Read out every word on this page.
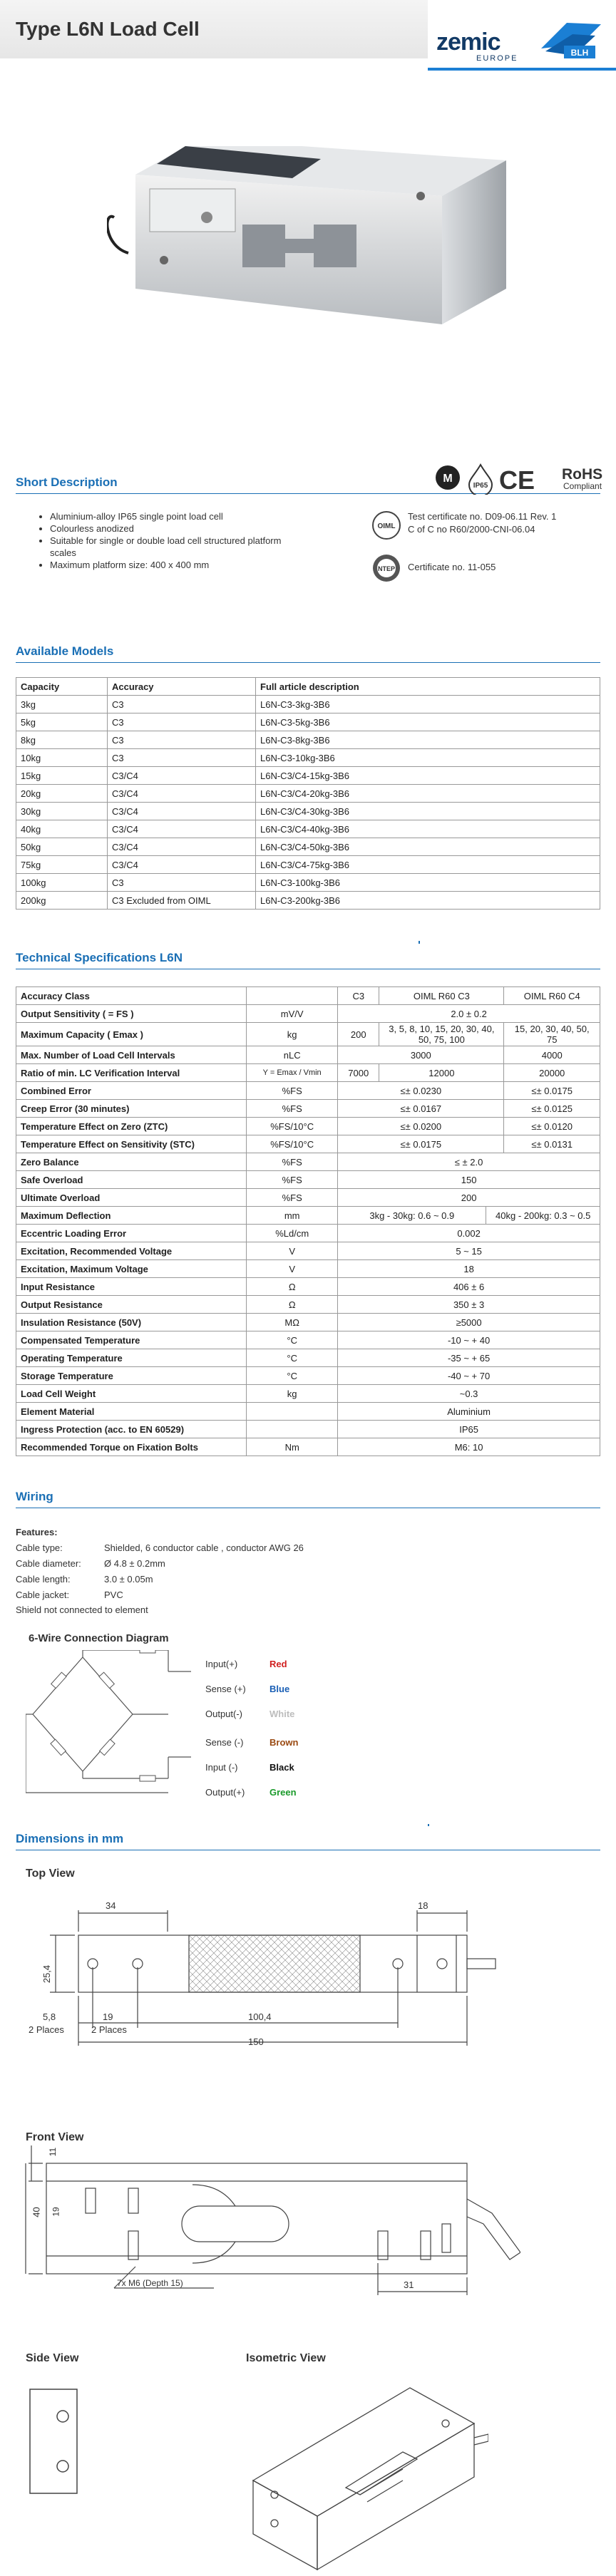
Type L6N Load Cell	zemic
EUROPE
BLH
Short Description	M
IP65 CE RoHS
Compliant
• Aluminium-alloy IP65 single point load cell
• Colourless anodized
• Suitable for single or double load cell structured platform scales
• Maximum platform size: 400 x 400 mm
OIML
Test certificate no. D09-06.11 Rev. 1
C of C no R60/2000-CNI-06.04
NTEP Certificate no. 11-055
Available Models
Capacity	Accuracy	Full article description
3kg	C3	L6N-C3-3kg-3B6
5kg	C3	L6N-C3-5kg-3B6
8kg	C3	L6N-C3-8kg-3B6
10kg	C3	L6N-C3-10kg-3B6
15kg	C3/C4	L6N-C3/C4-15kg-3B6
20kg	C3/C4	L6N-C3/C4-20kg-3B6
30kg	C3/C4	L6N-C3/C4-30kg-3B6
40kg	C3/C4	L6N-C3/C4-40kg-3B6
50kg	C3/C4	L6N-C3/C4-50kg-3B6
75kg	C3/C4	L6N-C3/C4-75kg-3B6
100kg	C3	L6N-C3-100kg-3B6
200kg	C3 Excluded from OIML	L6N-C3-200kg-3B6
Technical Specifications L6N
Accuracy Class		C3	OIML R60 C3		OIML R60 C4
Output Sensitivity ( = FS )	mV/V	2.0 ± 0.2			
Maximum Capacity ( Emax )	kg	200	3, 5, 8, 10, 15, 20, 30, 40, 50, 75, 100		15, 20, 30, 40, 50, 75
Max. Number of Load Cell Intervals	nLC	3000			4000
Ratio of min. LC Verification Interval	Y = Emax / Vmin	7000	12000		20000
Combined Error	%FS	≤± 0.0230			≤± 0.0175
Creep Error (30 minutes)	%FS	≤± 0.0167			≤± 0.0125
Temperature Effect on Zero (ZTC)	%FS/10°C	≤± 0.0200			≤± 0.0120
Temperature Effect on Sensitivity (STC)	%FS/10°C	≤± 0.0175			≤± 0.0131
Zero Balance	%FS	≤ ± 2.0			
Safe Overload	%FS	150			
Ultimate Overload	%FS	200			
Maximum Deflection	mm	3kg - 30kg: 0.6 ~ 0.9		40kg - 200kg: 0.3 ~ 0.5	
Eccentric Loading Error	%Ld/cm	0.002			
Excitation, Recommended Voltage	V	5 ~ 15			
Excitation, Maximum Voltage	V	18			
Input Resistance	Ω	406 ± 6			
Output Resistance	Ω	350 ± 3			
Insulation Resistance (50V)	MΩ	≥5000			
Compensated Temperature	°C	-10 ~ + 40			
Operating Temperature	°C	-35 ~ + 65			
Storage Temperature	°C	-40 ~ + 70			
Load Cell Weight	kg	~0.3			
Element Material		Aluminium			
Ingress Protection (acc. to EN 60529)		IP65			
Recommended Torque on Fixation Bolts	Nm	M6: 10			
Wiring
Features:
Cable type:	Shielded, 6 conductor cable , conductor AWG 26
Cable diameter: Ø 4.8 ± 0.2mm
Cable length:	3.0 ± 0.05m
Cable jacket:	PVC
Shield not connected to element
6-Wire Connection Diagram
Input(+)	Red
Sense (+)	Blue
Output(-)	White
Sense (-)	Brown
Input (-)	Black
Output(+)	Green
Dimensions in mm
Top View
34	18
25,4
5,8	19	100,4
2 Places	2 Places
150
Front View
11
40 19
31
7x M6 (Depth 15)
Side View	Isometric View
